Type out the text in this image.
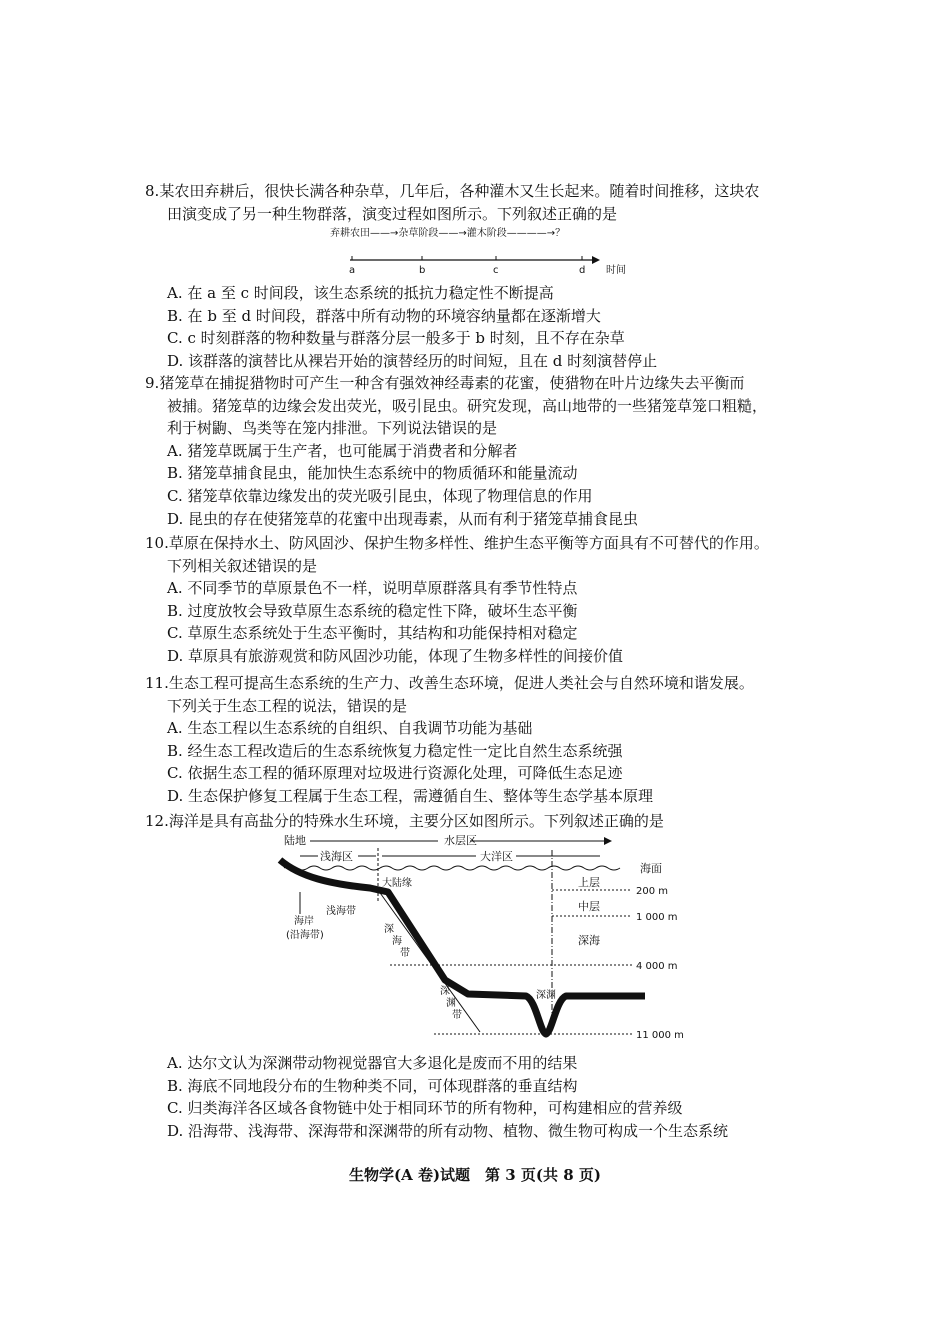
8.某农田弃耕后，很快长满各种杂草，几年后，各种灌木又生长起来。随着时间推移，这块农
田演变成了另一种生物群落，演变过程如图所示。下列叙述正确的是
弃耕农田——→杂草阶段——→灌木阶段————→？
a	b	c	d 时间
A. 在 a 至 c 时间段，该生态系统的抵抗力稳定性不断提高
B. 在 b 至 d 时间段，群落中所有动物的环境容纳量都在逐渐增大
C. c 时刻群落的物种数量与群落分层一般多于 b 时刻，且不存在杂草
D. 该群落的演替比从裸岩开始的演替经历的时间短，且在 d 时刻演替停止
9.猪笼草在捕捉猎物时可产生一种含有强效神经毒素的花蜜，使猎物在叶片边缘失去平衡而
被捕。猪笼草的边缘会发出荧光，吸引昆虫。研究发现，高山地带的一些猪笼草笼口粗糙，
利于树鼩、鸟类等在笼内排泄。下列说法错误的是
A. 猪笼草既属于生产者，也可能属于消费者和分解者
B. 猪笼草捕食昆虫，能加快生态系统中的物质循环和能量流动
C. 猪笼草依靠边缘发出的荧光吸引昆虫，体现了物理信息的作用
D. 昆虫的存在使猪笼草的花蜜中出现毒素，从而有利于猪笼草捕食昆虫
10.草原在保持水土、防风固沙、保护生物多样性、维护生态平衡等方面具有不可替代的作用。
下列相关叙述错误的是
A. 不同季节的草原景色不一样，说明草原群落具有季节性特点
B. 过度放牧会导致草原生态系统的稳定性下降，破坏生态平衡
C. 草原生态系统处于生态平衡时，其结构和功能保持相对稳定
D. 草原具有旅游观赏和防风固沙功能，体现了生物多样性的间接价值
11.生态工程可提高生态系统的生产力、改善生态环境，促进人类社会与自然环境和谐发展。
下列关于生态工程的说法，错误的是
A. 生态工程以生态系统的自组织、自我调节功能为基础
B. 经生态工程改造后的生态系统恢复力稳定性一定比自然生态系统强
C. 依据生态工程的循环原理对垃圾进行资源化处理，可降低生态足迹
D. 生态保护修复工程属于生态工程，需遵循自生、整体等生态学基本原理
12.海洋是具有高盐分的特殊水生环境，主要分区如图所示。下列叙述正确的是
陆地	水层区
浅海区	大洋区
海面
200 m
1 000 m
4 000 m
11 000 m
上层
中层
深海
大陆缘
浅海带
海岸
(沿海带)
深
海
带
深
渊
带
深渊
A. 达尔文认为深渊带动物视觉器官大多退化是废而不用的结果
B. 海底不同地段分布的生物种类不同，可体现群落的垂直结构
C. 归类海洋各区域各食物链中处于相同环节的所有物种，可构建相应的营养级
D. 沿海带、浅海带、深海带和深渊带的所有动物、植物、微生物可构成一个生态系统
生物学(A 卷)试题　第 3 页(共 8 页)
